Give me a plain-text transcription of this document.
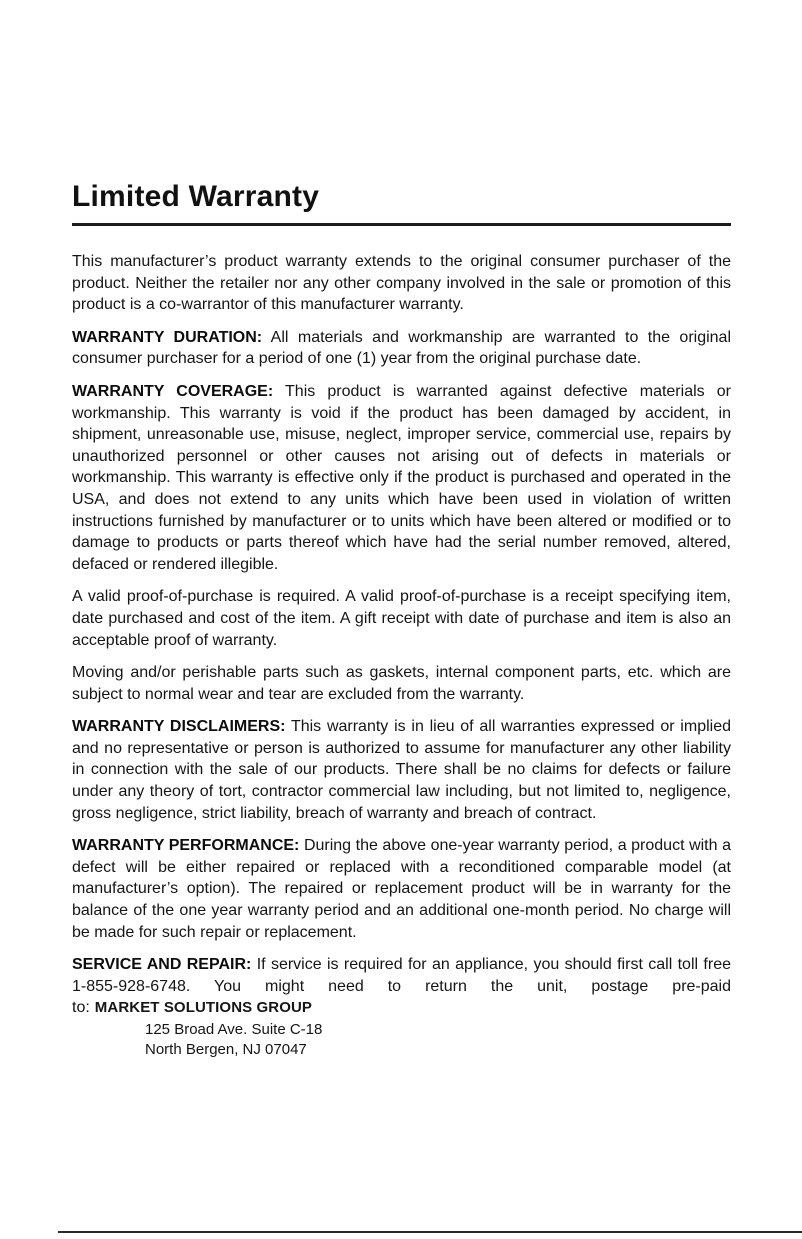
Limited Warranty

This manufacturer’s product warranty extends to the original consumer purchaser of the product. Neither the retailer nor any other company involved in the sale or promotion of this product is a co-warrantor of this manufacturer warranty.

WARRANTY DURATION: All materials and workmanship are warranted to the original consumer purchaser for a period of one (1) year from the original purchase date.

WARRANTY COVERAGE: This product is warranted against defective materials or workmanship. This warranty is void if the product has been damaged by accident, in shipment, unreasonable use, misuse, neglect, improper service, commercial use, repairs by unauthorized personnel or other causes not arising out of defects in materials or workmanship. This warranty is effective only if the product is purchased and operated in the USA, and does not extend to any units which have been used in violation of written instructions furnished by manufacturer or to units which have been altered or modified or to damage to products or parts thereof which have had the serial number removed, altered, defaced or rendered illegible.

A valid proof-of-purchase is required. A valid proof-of-purchase is a receipt specifying item, date purchased and cost of the item. A gift receipt with date of purchase and item is also an acceptable proof of warranty.

Moving and/or perishable parts such as gaskets, internal component parts, etc. which are subject to normal wear and tear are excluded from the warranty.

WARRANTY DISCLAIMERS: This warranty is in lieu of all warranties expressed or implied and no representative or person is authorized to assume for manufacturer any other liability in connection with the sale of our products. There shall be no claims for defects or failure under any theory of tort, contractor commercial law including, but not limited to, negligence, gross negligence, strict liability, breach of warranty and breach of contract.

WARRANTY PERFORMANCE: During the above one-year warranty period, a product with a defect will be either repaired or replaced with a reconditioned comparable model (at manufacturer’s option). The repaired or replacement product will be in warranty for the balance of the one year warranty period and an additional one-month period. No charge will be made for such repair or replacement.

SERVICE AND REPAIR: If service is required for an appliance, you should first call toll free 1-855-928-6748. You might need to return the unit, postage pre-paid to: MARKET SOLUTIONS GROUP
125 Broad Ave. Suite C-18
North Bergen, NJ 07047
